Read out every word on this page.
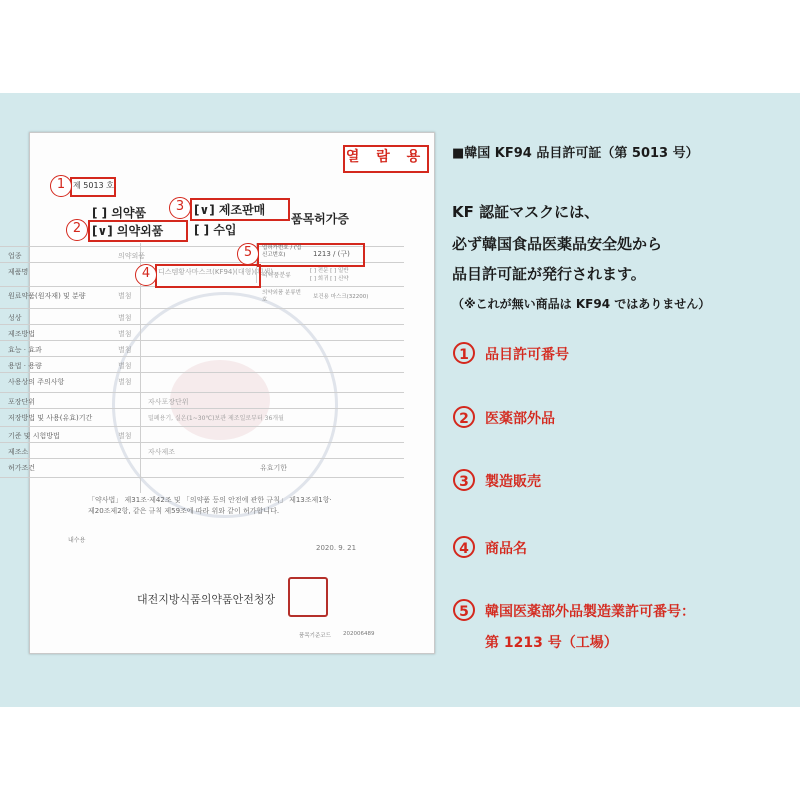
열 람 용
제 5013 호
1
[ ] 의약품
[∨] 의약외품
2
[∨] 제조판매
3
[ ] 수입
품목허가증
업종	의약외품
제품명	디스템황사마스크(KF94)(대형)(흰색)
원료약품(원자재) 및 분량	별첨
성상	별첨
제조방법	별첨
효능 · 효과	별첨
용법 · 용량	별첨
사용상의 주의사항	별첨
포장단위	자사포장단위
저장방법 및 사용(유효)기간	밀폐용기, 실온(1~30℃)보관 제조일로부터 36개월
기준 및 시험방법	별첨
제조소	자사제조
허가조건	유효기한
4
5	업허가번호 / (업신고번호)	1213 / (구)
의약품분류
[ ] 전문 [ ] 일반
[ ] 희귀 [ ] 신약
의약외품 분류번호	보건용 마스크(32200)
「약사법」 제31조·제42조 및 「의약품 등의 안전에 관한 규칙」 제13조제1항·
제20조제2항, 같은 규칙 제59조에 따라 위와 같이 허가합니다.
내수용
2020. 9. 21
대전지방식품의약품안전청장
품목기준코드 202006489
■韓国 KF94 品目許可証（第 5013 号）
KF 認証マスクには、
必ず韓国食品医薬品安全処から
品目許可証が発行されます。
（※これが無い商品は KF94 ではありません）
1	品目許可番号
2	医薬部外品
3	製造販売
4	商品名
5	韓国医薬部外品製造業許可番号：
第 1213 号（工場）
